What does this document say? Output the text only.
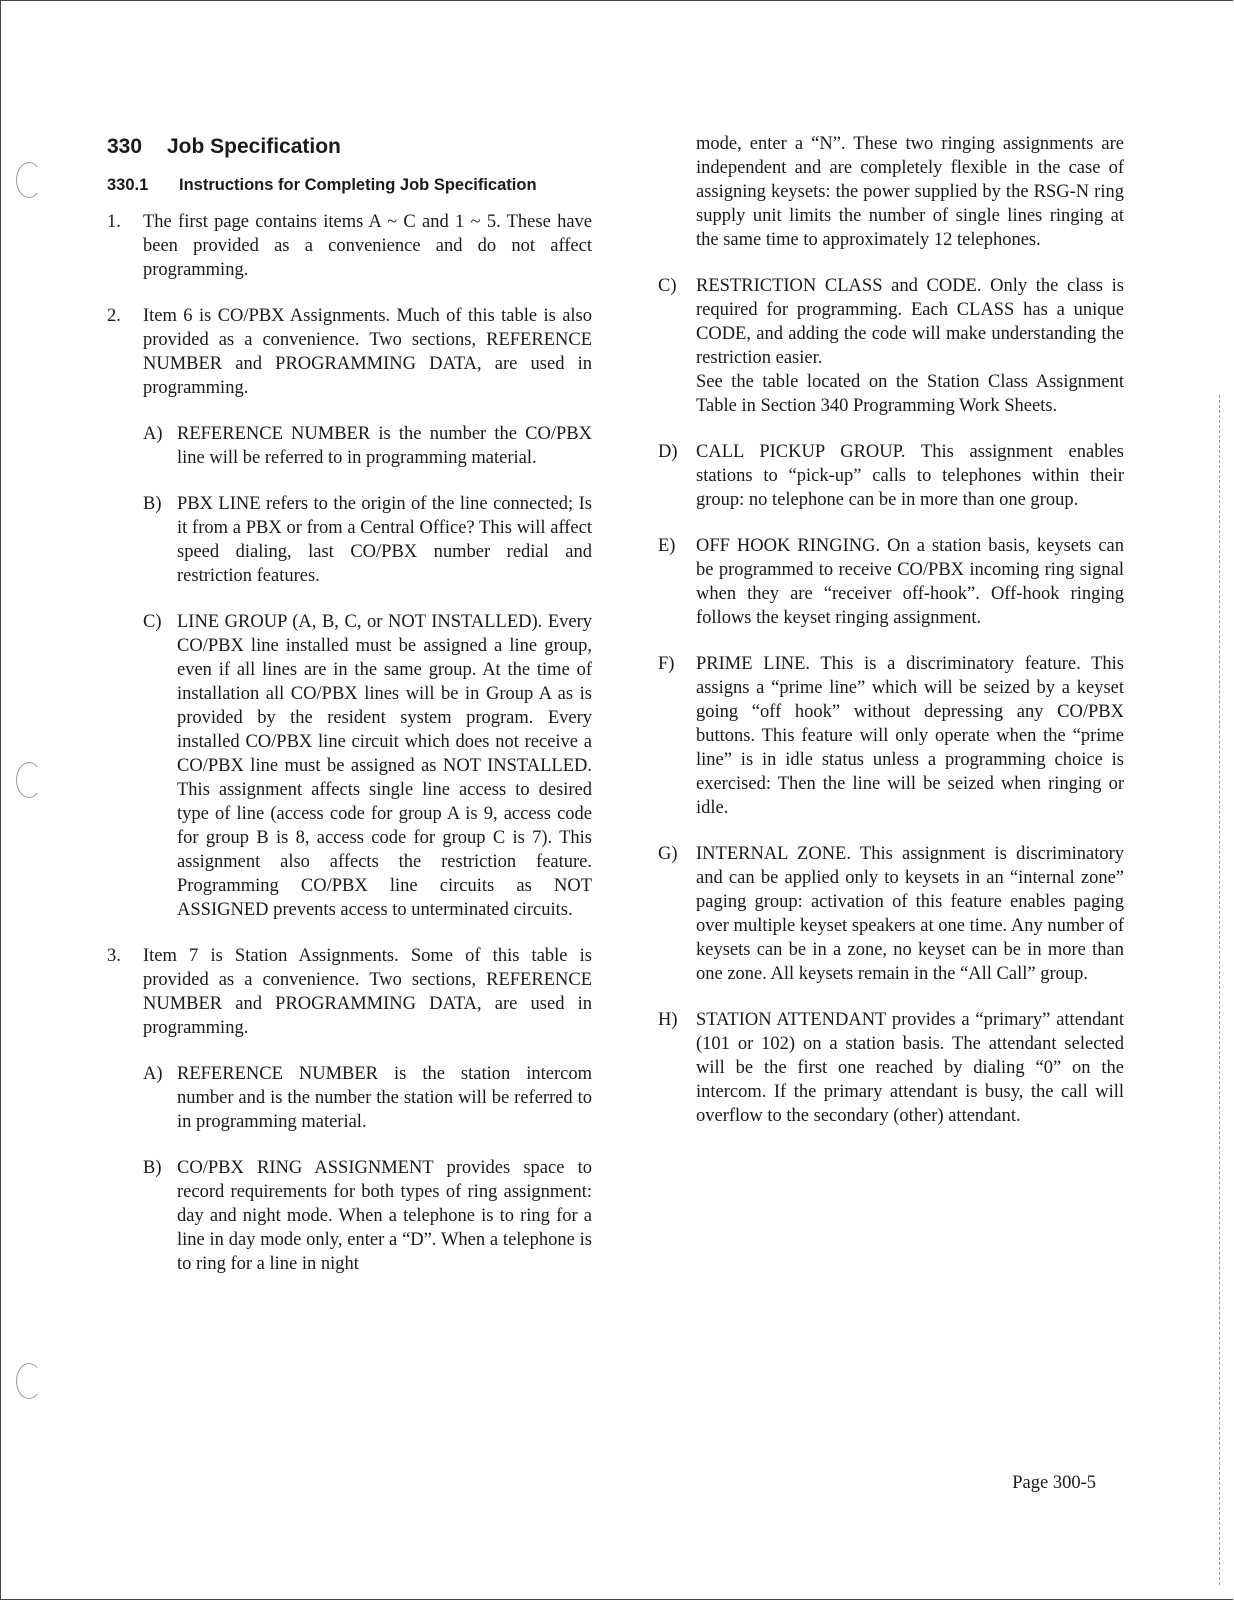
330 Job Specification
330.1 Instructions for Completing Job Specification
1. The first page contains items A ~ C and 1 ~ 5. These have been provided as a convenience and do not affect programming.
2. Item 6 is CO/PBX Assignments. Much of this table is also provided as a convenience. Two sections, REFERENCE NUMBER and PROGRAMMING DATA, are used in programming.
A) REFERENCE NUMBER is the number the CO/PBX line will be referred to in programming material.
B) PBX LINE refers to the origin of the line connected; Is it from a PBX or from a Central Office? This will affect speed dialing, last CO/PBX number redial and restriction features.
C) LINE GROUP (A, B, C, or NOT INSTALLED). Every CO/PBX line installed must be assigned a line group, even if all lines are in the same group. At the time of installation all CO/PBX lines will be in Group A as is provided by the resident system program. Every installed CO/PBX line circuit which does not receive a CO/PBX line must be assigned as NOT INSTALLED. This assignment affects single line access to desired type of line (access code for group A is 9, access code for group B is 8, access code for group C is 7). This assignment also affects the restriction feature. Programming CO/PBX line circuits as NOT ASSIGNED prevents access to unterminated circuits.
3. Item 7 is Station Assignments. Some of this table is provided as a convenience. Two sections, REFERENCE NUMBER and PROGRAMMING DATA, are used in programming.
A) REFERENCE NUMBER is the station intercom number and is the number the station will be referred to in programming material.
B) CO/PBX RING ASSIGNMENT provides space to record requirements for both types of ring assignment: day and night mode. When a telephone is to ring for a line in day mode only, enter a “D”. When a telephone is to ring for a line in night
mode, enter a “N”. These two ringing assignments are independent and are completely flexible in the case of assigning keysets: the power supplied by the RSG-N ring supply unit limits the number of single lines ringing at the same time to approximately 12 telephones.
C) RESTRICTION CLASS and CODE. Only the class is required for programming. Each CLASS has a unique CODE, and adding the code will make understanding the restriction easier.

See the table located on the Station Class Assignment Table in Section 340 Programming Work Sheets.

D) CALL PICKUP GROUP. This assignment enables stations to “pick-up” calls to telephones within their group: no telephone can be in more than one group.
E) OFF HOOK RINGING. On a station basis, keysets can be programmed to receive CO/PBX incoming ring signal when they are “receiver off-hook”. Off-hook ringing follows the keyset ringing assignment.
F) PRIME LINE. This is a discriminatory feature. This assigns a “prime line” which will be seized by a keyset going “off hook” without depressing any CO/PBX buttons. This feature will only operate when the “prime line” is in idle status unless a programming choice is exercised: Then the line will be seized when ringing or idle.
G) INTERNAL ZONE. This assignment is discriminatory and can be applied only to keysets in an “internal zone” paging group: activation of this feature enables paging over multiple keyset speakers at one time. Any number of keysets can be in a zone, no keyset can be in more than one zone. All keysets remain in the “All Call” group.
H) STATION ATTENDANT provides a “primary” attendant (101 or 102) on a station basis. The attendant selected will be the first one reached by dialing “0” on the intercom. If the primary attendant is busy, the call will overflow to the secondary (other) attendant.
Page 300-5
